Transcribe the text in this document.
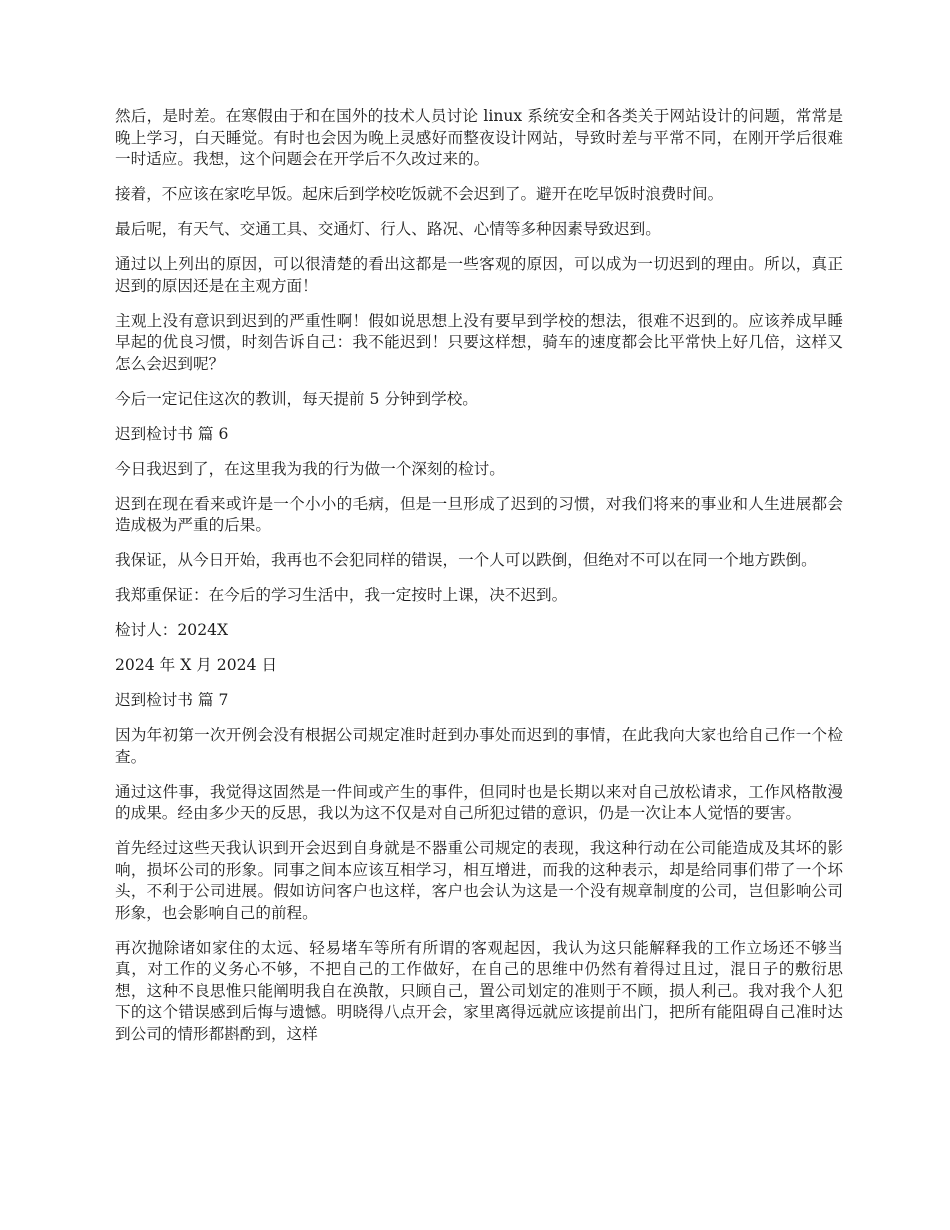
然后，是时差。在寒假由于和在国外的技术人员讨论 linux 系统安全和各类关于网站设计的问题，常常是晚上学习，白天睡觉。有时也会因为晚上灵感好而整夜设计网站，导致时差与平常不同，在刚开学后很难一时适应。我想，这个问题会在开学后不久改过来的。

接着，不应该在家吃早饭。起床后到学校吃饭就不会迟到了。避开在吃早饭时浪费时间。

最后呢，有天气、交通工具、交通灯、行人、路况、心情等多种因素导致迟到。

通过以上列出的原因，可以很清楚的看出这都是一些客观的原因，可以成为一切迟到的理由。所以，真正迟到的原因还是在主观方面！

主观上没有意识到迟到的严重性啊！假如说思想上没有要早到学校的想法，很难不迟到的。应该养成早睡早起的优良习惯，时刻告诉自己：我不能迟到！只要这样想，骑车的速度都会比平常快上好几倍，这样又怎么会迟到呢？

今后一定记住这次的教训，每天提前 5 分钟到学校。

迟到检讨书 篇 6

今日我迟到了，在这里我为我的行为做一个深刻的检讨。

迟到在现在看来或许是一个小小的毛病，但是一旦形成了迟到的习惯，对我们将来的事业和人生进展都会造成极为严重的后果。

我保证，从今日开始，我再也不会犯同样的错误，一个人可以跌倒，但绝对不可以在同一个地方跌倒。

我郑重保证：在今后的学习生活中，我一定按时上课，决不迟到。

检讨人：2024X

2024 年 X 月 2024 日

迟到检讨书 篇 7

因为年初第一次开例会没有根据公司规定准时赶到办事处而迟到的事情，在此我向大家也给自己作一个检查。

通过这件事，我觉得这固然是一件间或产生的事件，但同时也是长期以来对自己放松请求，工作风格散漫的成果。经由多少天的反思，我以为这不仅是对自己所犯过错的意识，仍是一次让本人觉悟的要害。

首先经过这些天我认识到开会迟到自身就是不器重公司规定的表现，我这种行动在公司能造成及其坏的影响，损坏公司的形象。同事之间本应该互相学习，相互增进，而我的这种表示，却是给同事们带了一个坏头，不利于公司进展。假如访问客户也这样，客户也会认为这是一个没有规章制度的公司，岂但影响公司形象，也会影响自己的前程。

再次抛除诸如家住的太远、轻易堵车等所有所谓的客观起因，我认为这只能解释我的工作立场还不够当真，对工作的义务心不够，不把自己的工作做好，在自己的思维中仍然有着得过且过，混日子的敷衍思想，这种不良思惟只能阐明我自在涣散，只顾自己，置公司划定的准则于不顾，损人利己。我对我个人犯下的这个错误感到后悔与遗憾。明晓得八点开会，家里离得远就应该提前出门，把所有能阻碍自己准时达到公司的情形都斟酌到，这样
